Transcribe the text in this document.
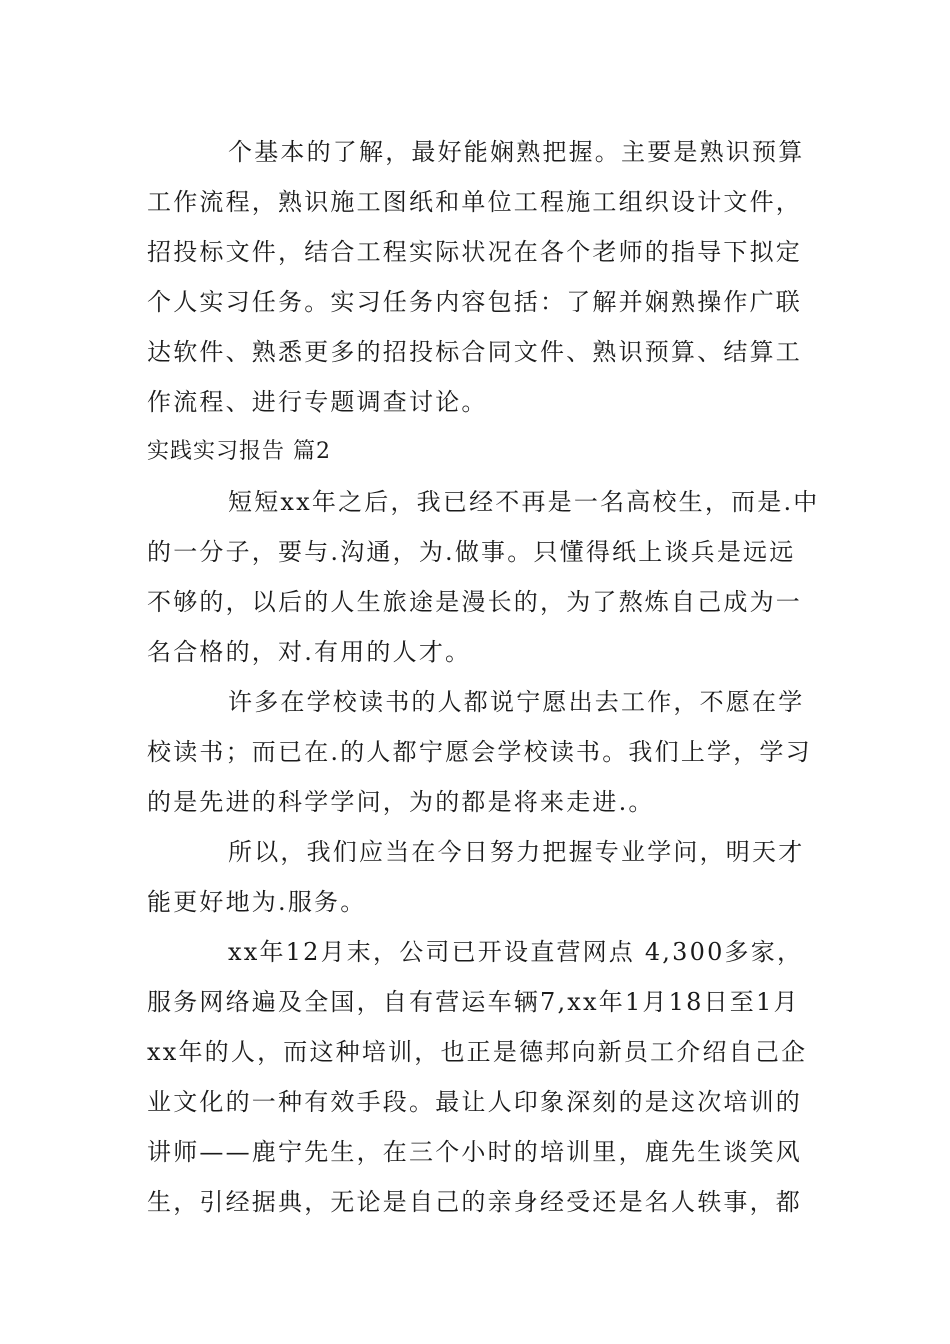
个基本的了解，最好能娴熟把握。主要是熟识预算
工作流程，熟识施工图纸和单位工程施工组织设计文件，
招投标文件，结合工程实际状况在各个老师的指导下拟定
个人实习任务。实习任务内容包括：了解并娴熟操作广联
达软件、熟悉更多的招投标合同文件、熟识预算、结算工
作流程、进行专题调查讨论。
实践实习报告 篇2
短短xx年之后，我已经不再是一名高校生，而是.中
的一分子，要与.沟通，为.做事。只懂得纸上谈兵是远远
不够的，以后的人生旅途是漫长的，为了熬炼自己成为一
名合格的，对.有用的人才。
许多在学校读书的人都说宁愿出去工作，不愿在学
校读书；而已在.的人都宁愿会学校读书。我们上学，学习
的是先进的科学学问，为的都是将来走进.。
所以，我们应当在今日努力把握专业学问，明天才
能更好地为.服务。
xx年12月末，公司已开设直营网点 4,300多家，
服务网络遍及全国，自有营运车辆7,xx年1月18日至1月
xx年的人，而这种培训，也正是德邦向新员工介绍自己企
业文化的一种有效手段。最让人印象深刻的是这次培训的
讲师——鹿宁先生，在三个小时的培训里，鹿先生谈笑风
生，引经据典，无论是自己的亲身经受还是名人轶事，都
